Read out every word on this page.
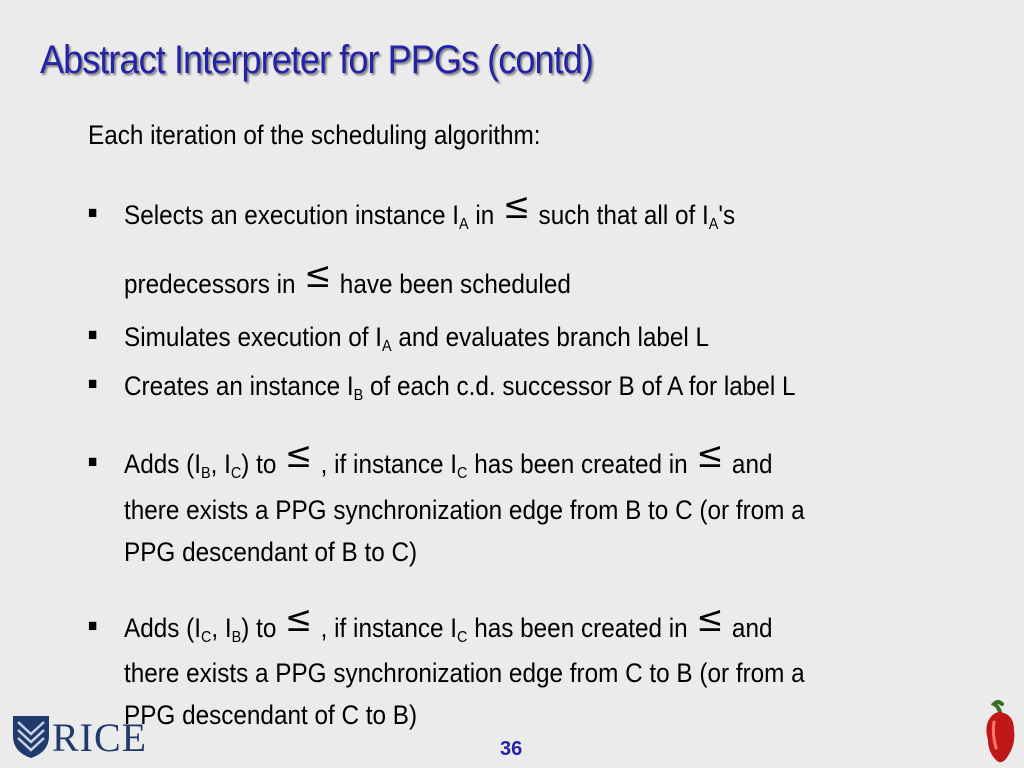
Abstract Interpreter for PPGs (contd)
Each iteration of the scheduling algorithm:
■ Selects an execution instance $I_A$ in ≤ such that all of $I_A's$
predecessors in ≤ have been scheduled
■ Simulates execution of $I_A$ and evaluates branch label L
■ Creates an instance $I_B$ of each c.d. successor B of A for label L
■ Adds ($I_B$, $I_C$) to ≤ , if instance $I_C$ has been created in ≤ and
there exists a PPG synchronization edge from B to C (or from a
PPG descendant of B to C)
■ Adds ($I_C$, $I_B$) to ≤ , if instance $I_C$ has been created in ≤ and
there exists a PPG synchronization edge from C to B (or from a
PPG descendant of C to B)
RICE	36
